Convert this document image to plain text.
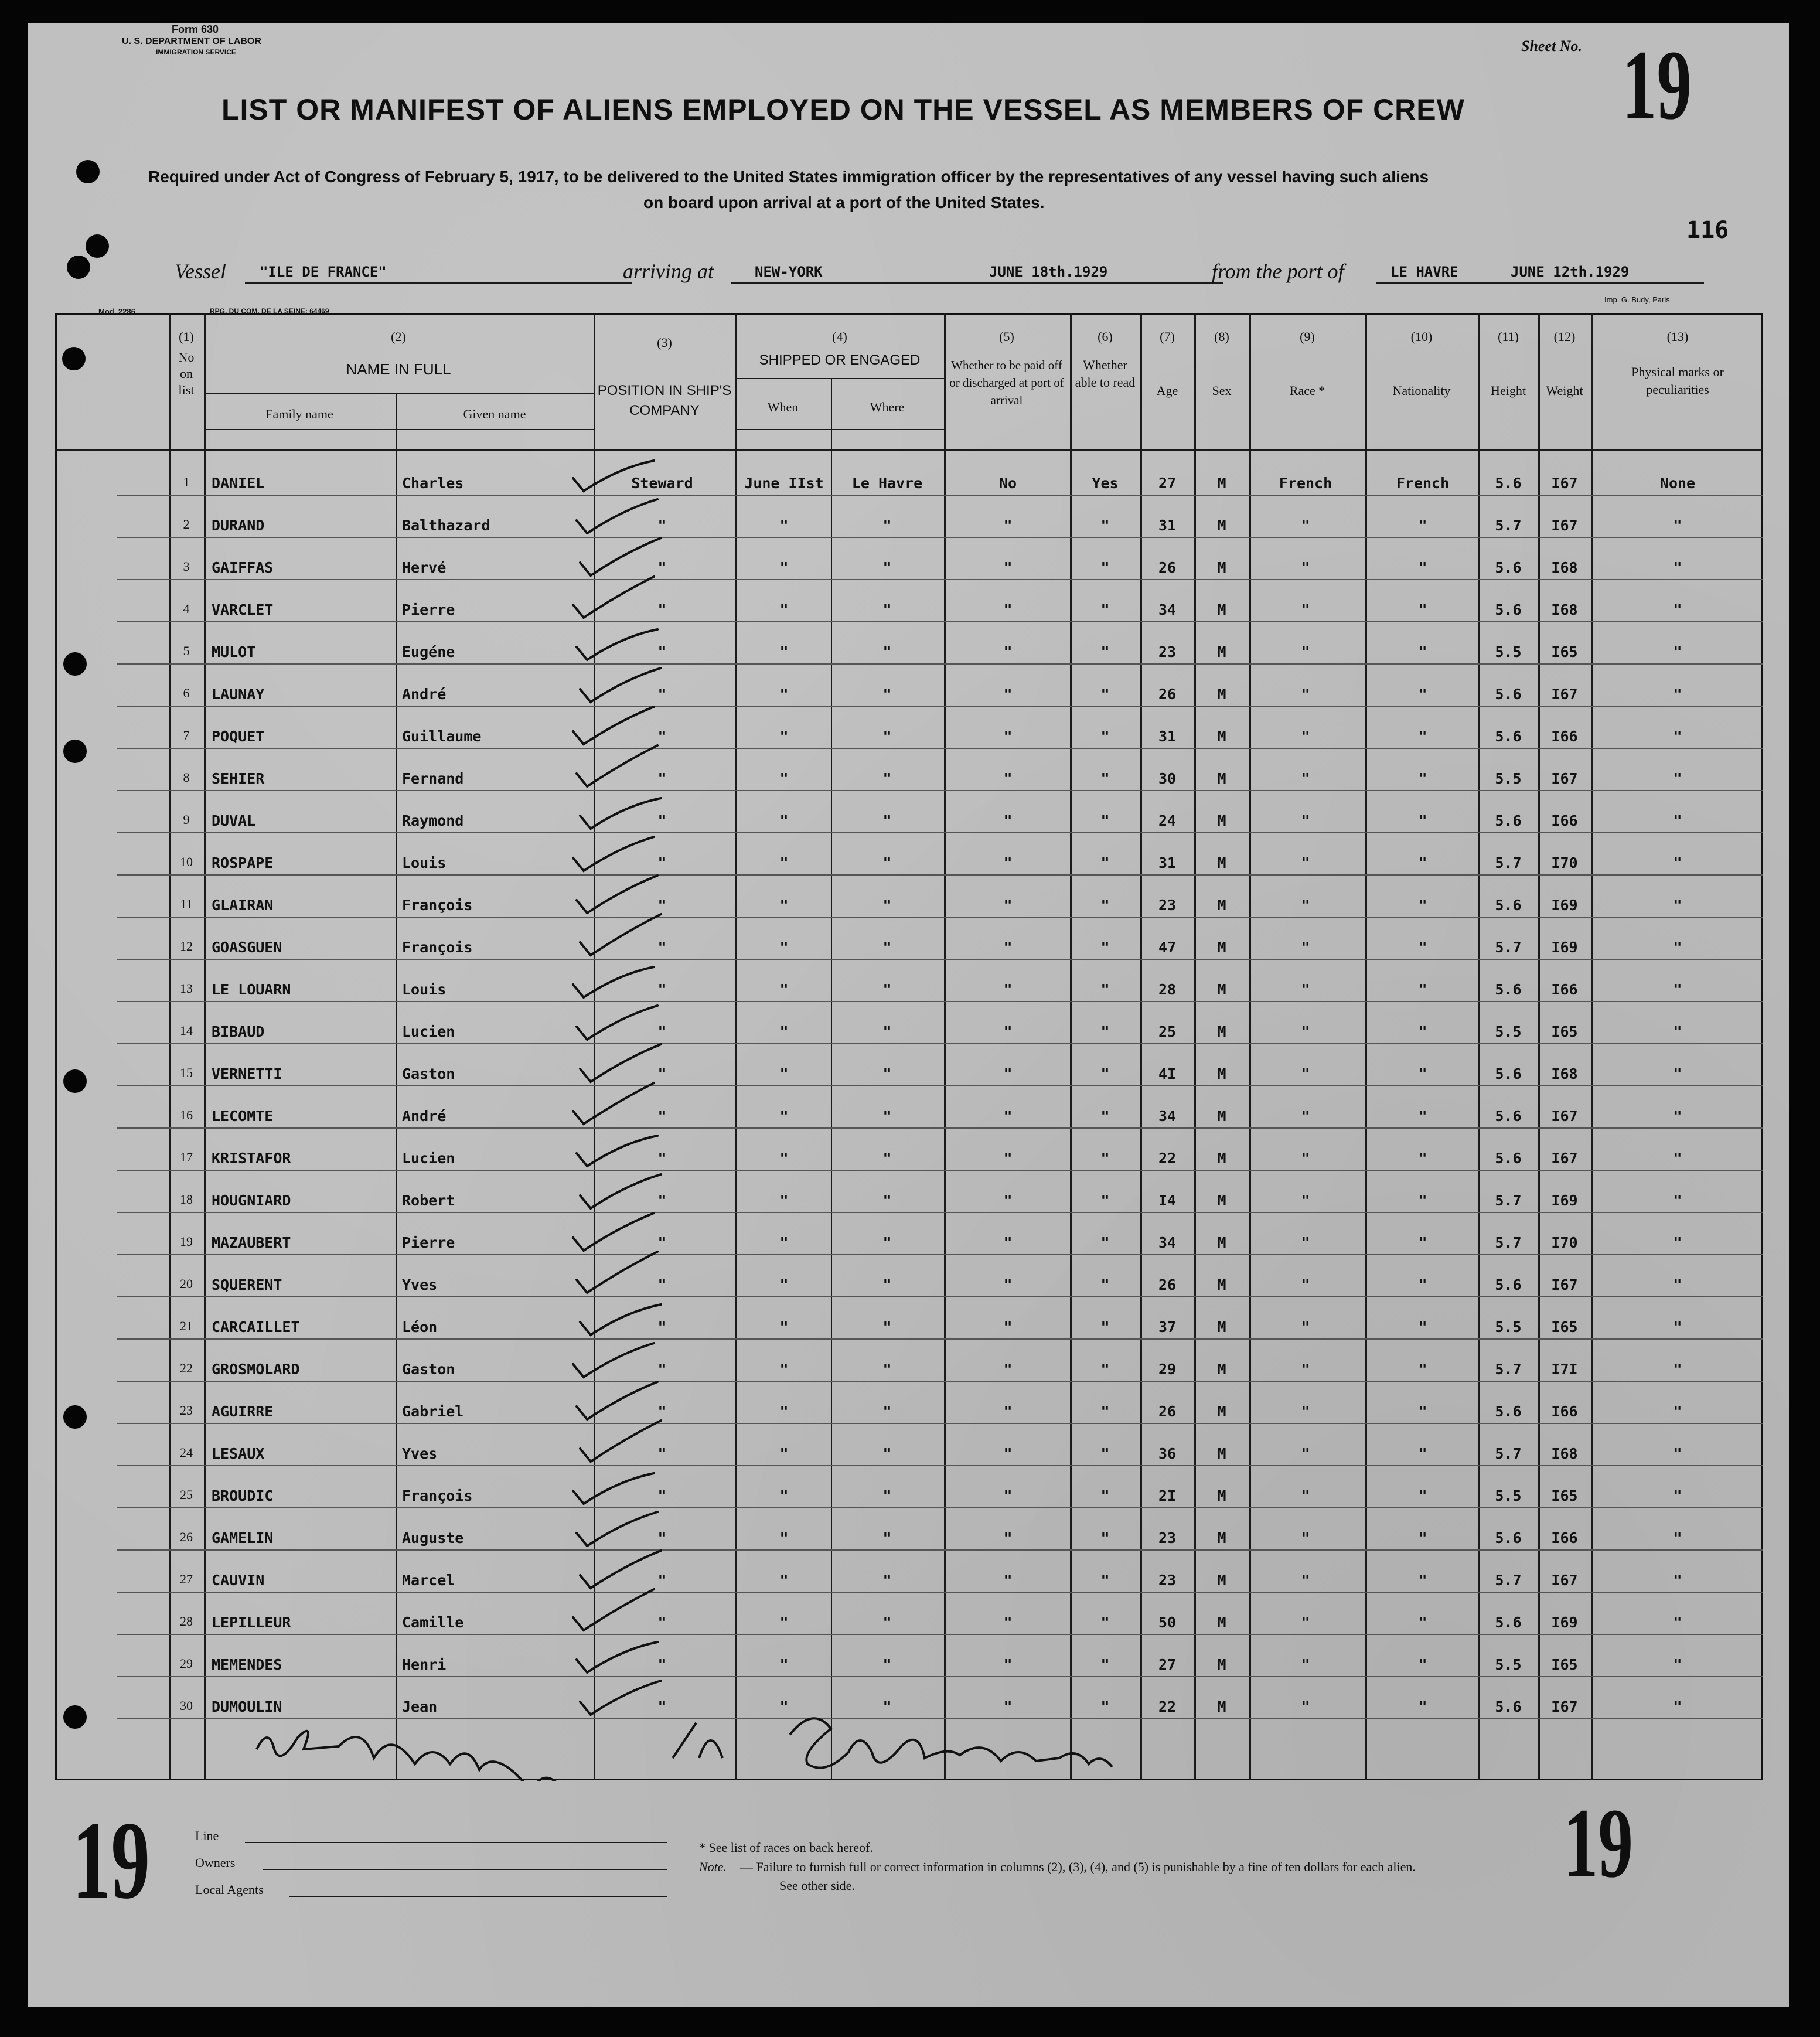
Form 630
U. S. DEPARTMENT OF LABOR
IMMIGRATION SERVICE	Sheet No. 19
LIST OR MANIFEST OF ALIENS EMPLOYED ON THE VESSEL AS MEMBERS OF CREW
Required under Act of Congress of February 5, 1917, to be delivered to the United States immigration officer by the representatives of any vessel having such aliens
on board upon arrival at a port of the United States.
116
Vessel "ILE DE FRANCE"	arriving at	NEW-YORK	JUNE 18th.1929	from the port of	LE HAVRE	JUNE 12th.1929
Mod. 2286	RPG. DU COM. DE LA SEINE: 64469
Imp. G. Budy, Paris
(1)
No on list
(2)
NAME IN FULL
Family name	Given name
(3)
POSITION IN SHIP'S COMPANY
(4)
SHIPPED OR ENGAGED
When	Where
(5)
Whether to be paid off or discharged at port of arrival
(6)
Whether able to read
(7)
Age
(8)
Sex
(9)
Race *
(10)
Nationality
(11)
Height
(12)
Weight
(13)
Physical marks or peculiarities
1 DANIEL	Charles	Steward	June IIst Le Havre	No	Yes	27	M	French	French	5.6 I67	None
2 DURAND	Balthazard	"	"	"	"	"	31	M	"	"	5.7 I67	"
3 GAIFFAS	Hervé	"	"	"	"	"	26	M	"	"	5.6 I68	"
4 VARCLET	Pierre	"	"	"	"	"	34	M	"	"	5.6 I68	"
5 MULOT	Eugéne	"	"	"	"	"	23	M	"	"	5.5 I65	"
6 LAUNAY	André	"	"	"	"	"	26	M	"	"	5.6 I67	"
7 POQUET	Guillaume	"	"	"	"	"	31	M	"	"	5.6 I66	"
8 SEHIER	Fernand	"	"	"	"	"	30	M	"	"	5.5 I67	"
9 DUVAL	Raymond	"	"	"	"	"	24	M	"	"	5.6 I66	"
10 ROSPAPE	Louis	"	"	"	"	"	31	M	"	"	5.7 I70	"
11 GLAIRAN	François	"	"	"	"	"	23	M	"	"	5.6 I69	"
12 GOASGUEN	François	"	"	"	"	"	47	M	"	"	5.7 I69	"
13 LE LOUARN	Louis	"	"	"	"	"	28	M	"	"	5.6 I66	"
14 BIBAUD	Lucien	"	"	"	"	"	25	M	"	"	5.5 I65	"
15 VERNETTI	Gaston	"	"	"	"	"	4I	M	"	"	5.6 I68	"
16 LECOMTE	André	"	"	"	"	"	34	M	"	"	5.6 I67	"
17 KRISTAFOR	Lucien	"	"	"	"	"	22	M	"	"	5.6 I67	"
18 HOUGNIARD	Robert	"	"	"	"	"	I4	M	"	"	5.7 I69	"
19 MAZAUBERT	Pierre	"	"	"	"	"	34	M	"	"	5.7 I70	"
20 SQUERENT	Yves	"	"	"	"	"	26	M	"	"	5.6 I67	"
21 CARCAILLET	Léon	"	"	"	"	"	37	M	"	"	5.5 I65	"
22 GROSMOLARD	Gaston	"	"	"	"	"	29	M	"	"	5.7 I7I	"
23 AGUIRRE	Gabriel	"	"	"	"	"	26	M	"	"	5.6 I66	"
24 LESAUX	Yves	"	"	"	"	"	36	M	"	"	5.7 I68	"
25 BROUDIC	François	"	"	"	"	"	2I	M	"	"	5.5 I65	"
26 GAMELIN	Auguste	"	"	"	"	"	23	M	"	"	5.6 I66	"
27 CAUVIN	Marcel	"	"	"	"	"	23	M	"	"	5.7 I67	"
28 LEPILLEUR	Camille	"	"	"	"	"	50	M	"	"	5.6 I69	"
29 MEMENDES	Henri	"	"	"	"	"	27	M	"	"	5.5 I65	"
30 DUMOULIN	Jean	"	"	"	"	"	22	M	"	"	5.6 I67	"
19	19
Line
Owners
Local Agents
* See list of races on back hereof.
Note. — Failure to furnish full or correct information in columns (2), (3), (4), and (5) is punishable by a fine of ten dollars for each alien.
See other side.
